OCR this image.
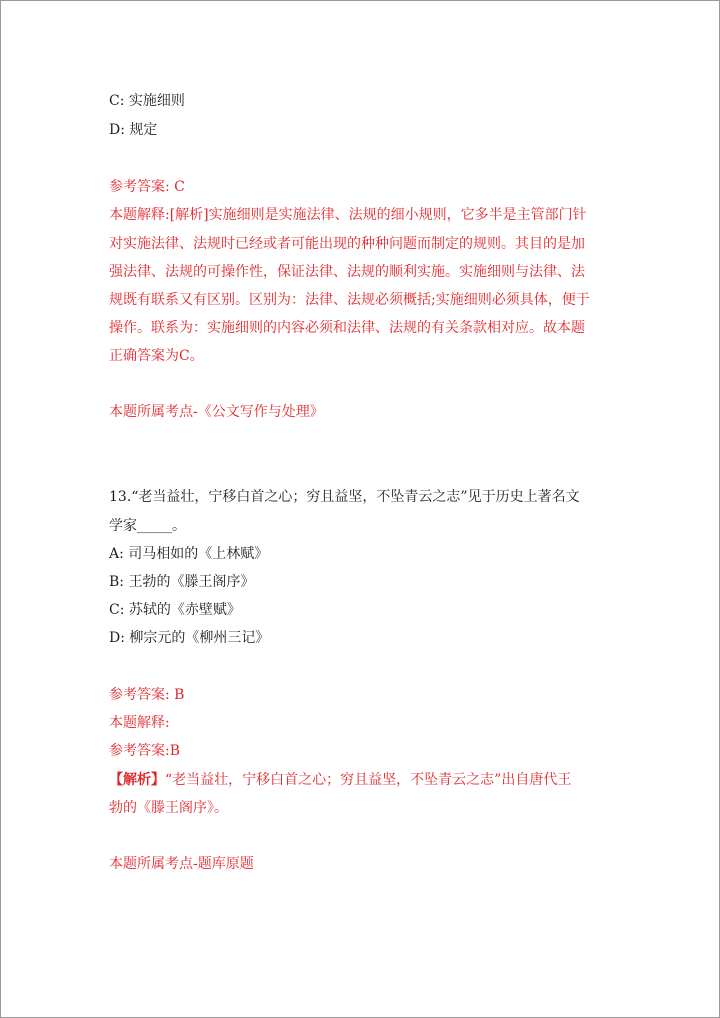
C: 实施细则
D: 规定
参考答案: C
本题解释:[解析]实施细则是实施法律、法规的细小规则，它多半是主管部门针
对实施法律、法规时已经或者可能出现的种种问题而制定的规则。其目的是加
强法律、法规的可操作性，保证法律、法规的顺利实施。实施细则与法律、法
规既有联系又有区别。区别为：法律、法规必须概括;实施细则必须具体，便于
操作。联系为：实施细则的内容必须和法律、法规的有关条款相对应。故本题
正确答案为C。
本题所属考点-《公文写作与处理》
13.“老当益壮，宁移白首之心；穷且益坚，不坠青云之志”见于历史上著名文
学家_____。
A: 司马相如的《上林赋》
B: 王勃的《滕王阁序》
C: 苏轼的《赤壁赋》
D: 柳宗元的《柳州三记》
参考答案: B
本题解释:
参考答案:B
【解析】“老当益壮，宁移白首之心；穷且益坚，不坠青云之志”出自唐代王
勃的《滕王阁序》。
本题所属考点-题库原题
